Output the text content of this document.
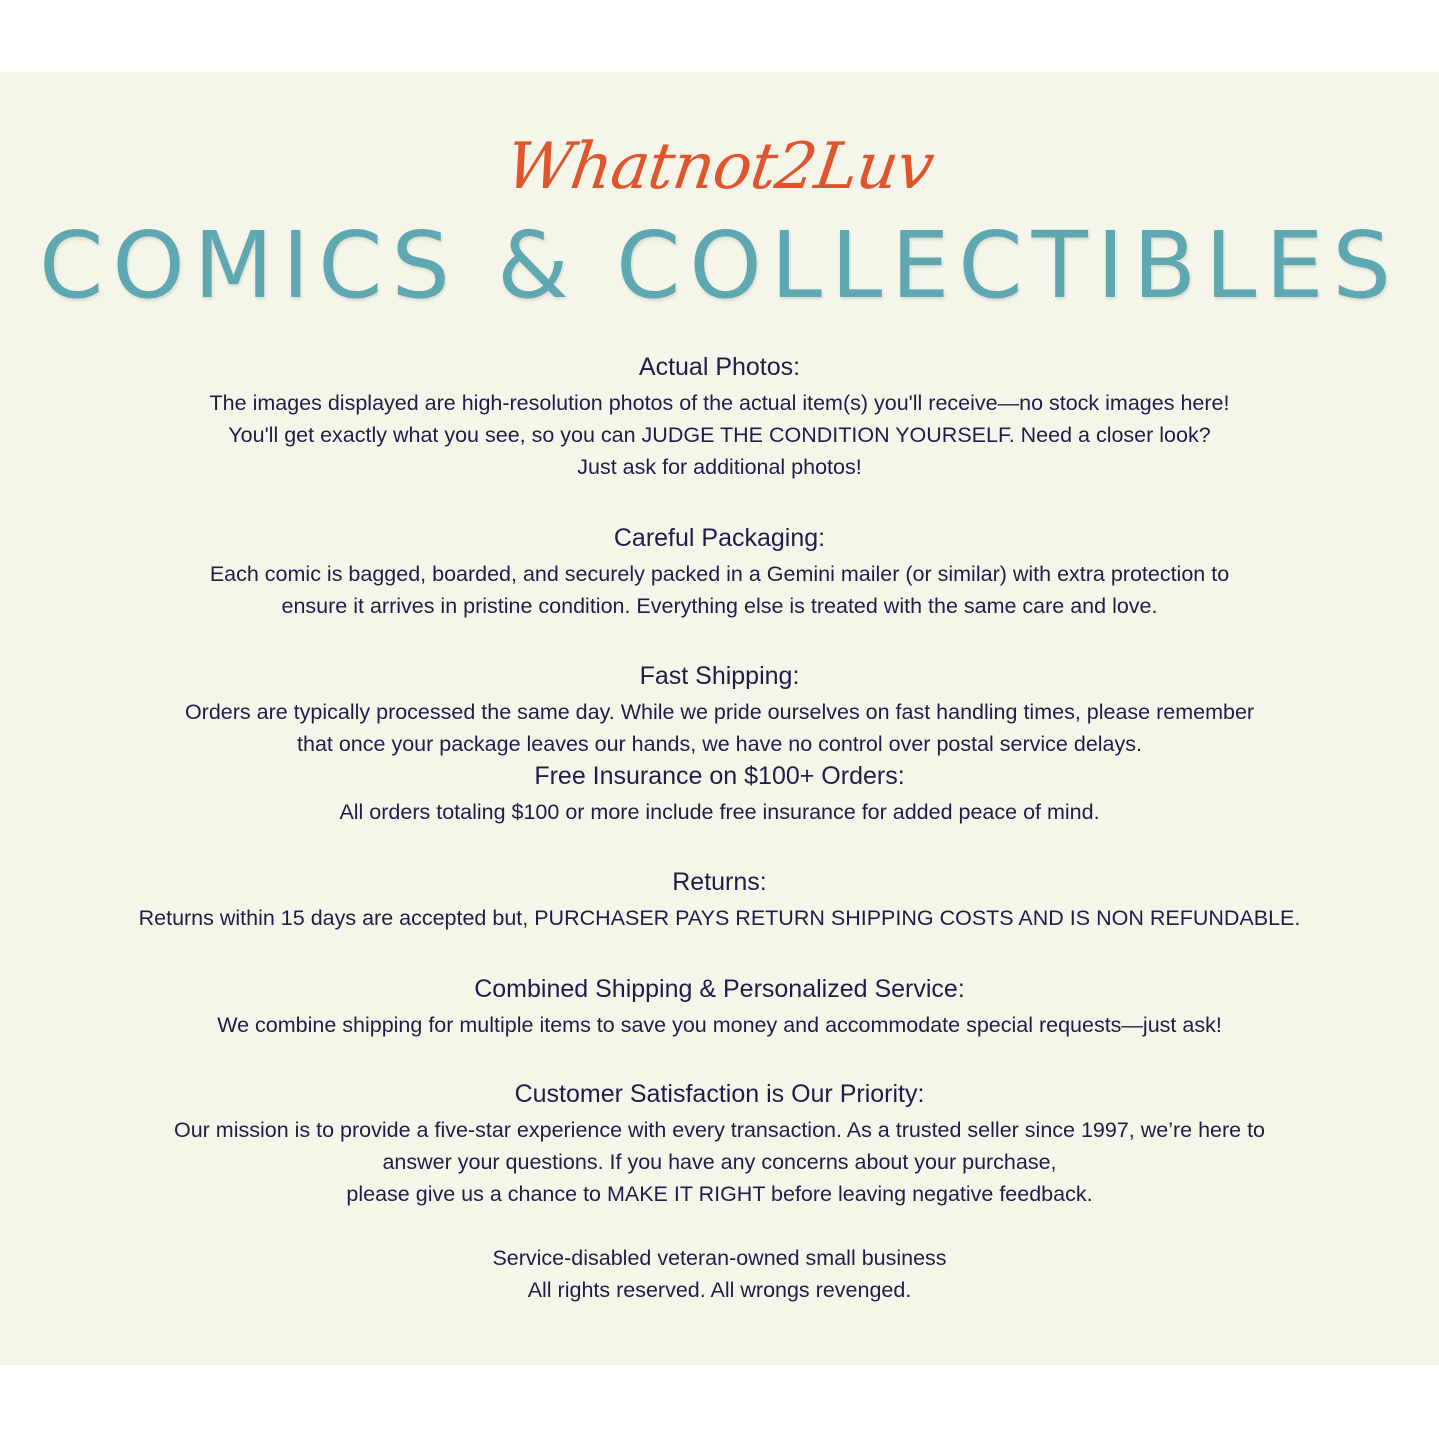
Whatnot2Luv
COMICS & COLLECTIBLES
Actual Photos:
The images displayed are high-resolution photos of the actual item(s) you'll receive—no stock images here!
You'll get exactly what you see, so you can JUDGE THE CONDITION YOURSELF. Need a closer look?
Just ask for additional photos!
Careful Packaging:
Each comic is bagged, boarded, and securely packed in a Gemini mailer (or similar) with extra protection to
ensure it arrives in pristine condition. Everything else is treated with the same care and love.
Fast Shipping:
Orders are typically processed the same day. While we pride ourselves on fast handling times, please remember
that once your package leaves our hands, we have no control over postal service delays.
Free Insurance on $100+ Orders:
All orders totaling $100 or more include free insurance for added peace of mind.
Returns:
Returns within 15 days are accepted but, PURCHASER PAYS RETURN SHIPPING COSTS AND IS NON REFUNDABLE.
Combined Shipping & Personalized Service:
We combine shipping for multiple items to save you money and accommodate special requests—just ask!
Customer Satisfaction is Our Priority:
Our mission is to provide a five-star experience with every transaction. As a trusted seller since 1997, we’re here to
answer your questions. If you have any concerns about your purchase,
please give us a chance to MAKE IT RIGHT before leaving negative feedback.
Service-disabled veteran-owned small business
All rights reserved. All wrongs revenged.
